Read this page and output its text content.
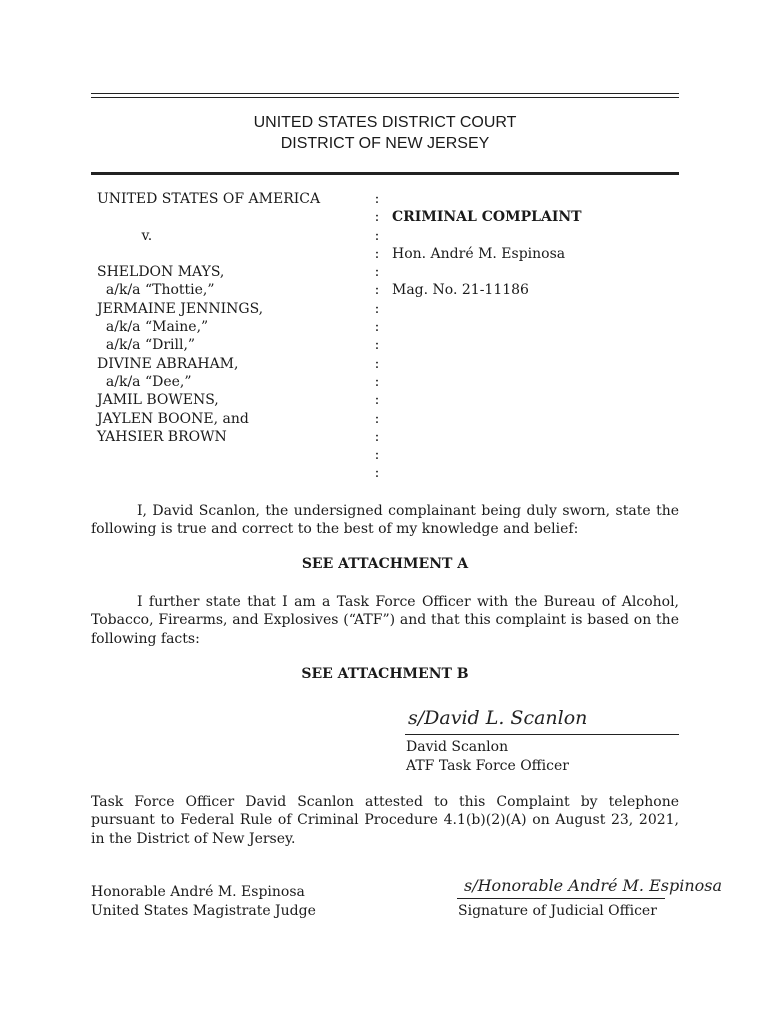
UNITED STATES DISTRICT COURT
DISTRICT OF NEW JERSEY
UNITED STATES OF AMERICA
v.
SHELDON MAYS,
a/k/a “Thottie,”
JERMAINE JENNINGS,
a/k/a “Maine,”
a/k/a “Drill,”
DIVINE ABRAHAM,
a/k/a “Dee,”
JAMIL BOWENS,
JAYLEN BOONE, and
YAHSIER BROWN
:
:
:
:
:
:
:
:
:
:
:
:
:
:
:
:
CRIMINAL COMPLAINT
Hon. André M. Espinosa
Mag. No. 21-11186
I, David Scanlon, the undersigned complainant being duly sworn, state the following is true and correct to the best of my knowledge and belief:
SEE ATTACHMENT A
I further state that I am a Task Force Officer with the Bureau of Alcohol, Tobacco, Firearms, and Explosives (“ATF”) and that this complaint is based on the following facts:
SEE ATTACHMENT B
s/David L. Scanlon
David Scanlon
ATF Task Force Officer
Task Force Officer David Scanlon attested to this Complaint by telephone pursuant to Federal Rule of Criminal Procedure 4.1(b)(2)(A) on August 23, 2021, in the District of New Jersey.
Honorable André M. Espinosa
United States Magistrate Judge
s/Honorable André M. Espinosa
Signature of Judicial Officer
